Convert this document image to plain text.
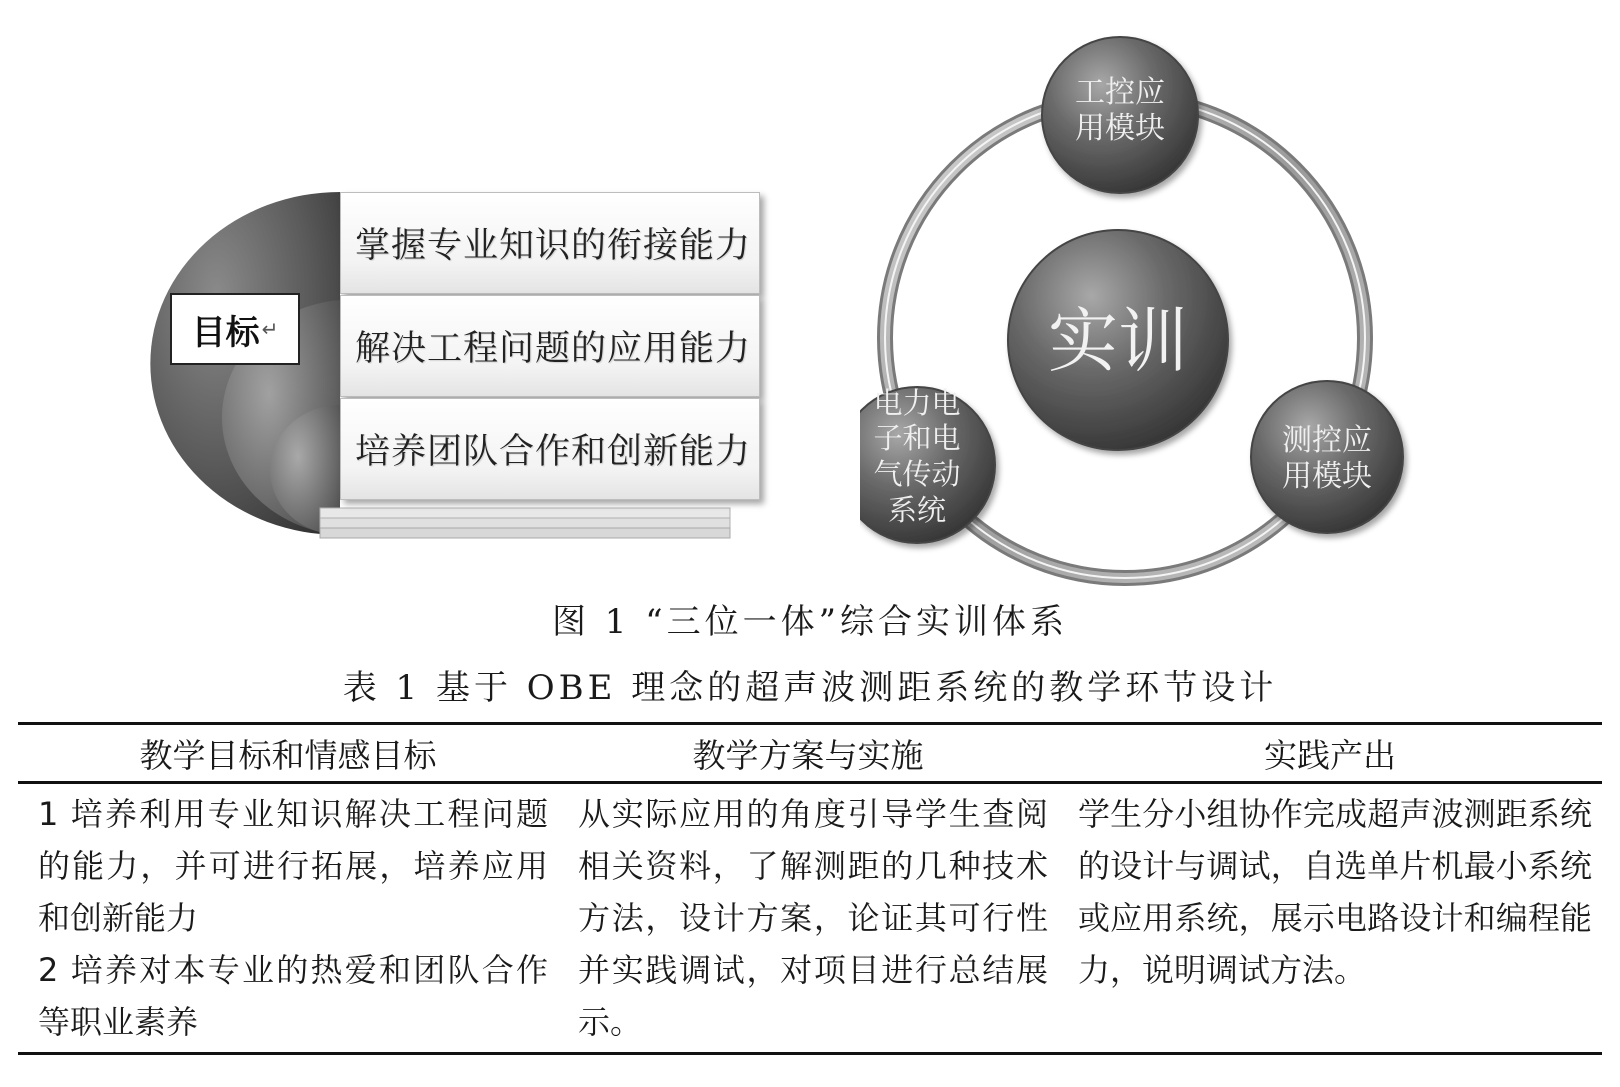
掌握专业知识的衔接能力
解决工程问题的应用能力
培养团队合作和创新能力
目标 ↵	实训
工控应
用模块
电力电
子和电
气传动
系统
测控应
用模块
图 1 “三位一体”综合实训体系
表 1 基于 OBE 理念的超声波测距系统的教学环节设计
教学目标和情感目标	教学方案与实施	实践产出

1 培养利用专业知识解决工程问题的能力，并可进行拓展，培养应用和创新能力
2 培养对本专业的热爱和团队合作等职业素养	从实际应用的角度引导学生查阅相关资料，了解测距的几种技术方法，设计方案，论证其可行性并实践调试，对项目进行总结展示。	学生分小组协作完成超声波测距系统的设计与调试，自选单片机最小系统或应用系统，展示电路设计和编程能力，说明调试方法。
